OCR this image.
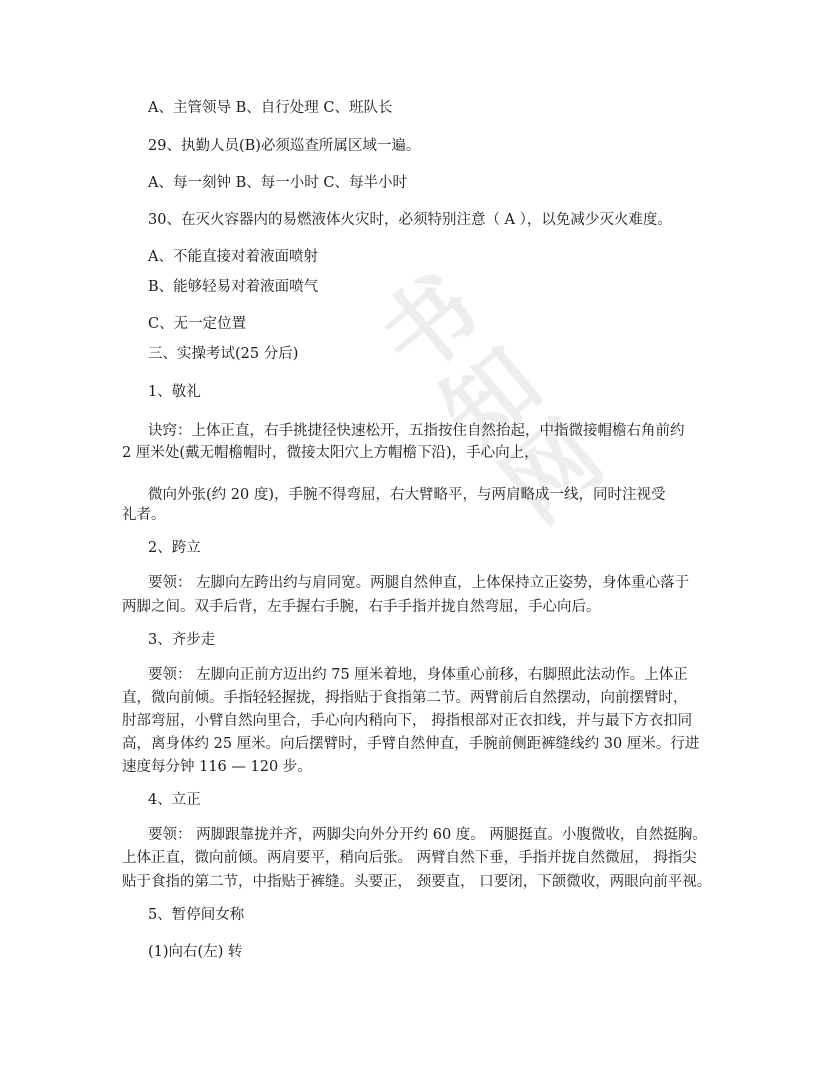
书
知
网
A、主管领导 B、自行处理 C、班队长
29、执勤人员(B)必须巡查所属区域一遍。
A、每一刻钟 B、每一小时 C、每半小时
30、在灭火容器内的易燃液体火灾时，必须特别注意（ A ），以免减少灭火难度。
A、不能直接对着液面喷射
B、能够轻易对着液面喷气
C、无一定位置
三、实操考试(25 分后)
1、敬礼
诀窍：上体正直，右手挑捷径快速松开，五指按住自然抬起，中指微接帽檐右角前约
2 厘米处(戴无帽檐帽时，微接太阳穴上方帽檐下沿)，手心向上，
微向外张(约 20 度)，手腕不得弯屈，右大臂略平，与两肩略成一线，同时注视受
礼者。
2、跨立
要领： 左脚向左跨出约与肩同宽。两腿自然伸直，上体保持立正姿势，身体重心落于
两脚之间。双手后背，左手握右手腕，右手手指并拢自然弯屈，手心向后。
3、齐步走
要领： 左脚向正前方迈出约 75 厘米着地，身体重心前移，右脚照此法动作。上体正
直，微向前倾。手指轻轻握拢，拇指贴于食指第二节。两臂前后自然摆动，向前摆臂时，
肘部弯屈，小臂自然向里合，手心向内稍向下， 拇指根部对正衣扣线，并与最下方衣扣同
高，离身体约 25 厘米。向后摆臂时，手臂自然伸直，手腕前侧距裤缝线约 30 厘米。行进
速度每分钟 116 — 120 步。
4、立正
要领： 两脚跟靠拢并齐，两脚尖向外分开约 60 度。 两腿挺直。小腹微收，自然挺胸。
上体正直，微向前倾。两肩要平，稍向后张。 两臂自然下垂，手指并拢自然微屈， 拇指尖
贴于食指的第二节，中指贴于裤缝。头要正， 颈要直， 口要闭，下颌微收，两眼向前平视。
5、暂停间女称
(1)向右(左) 转
